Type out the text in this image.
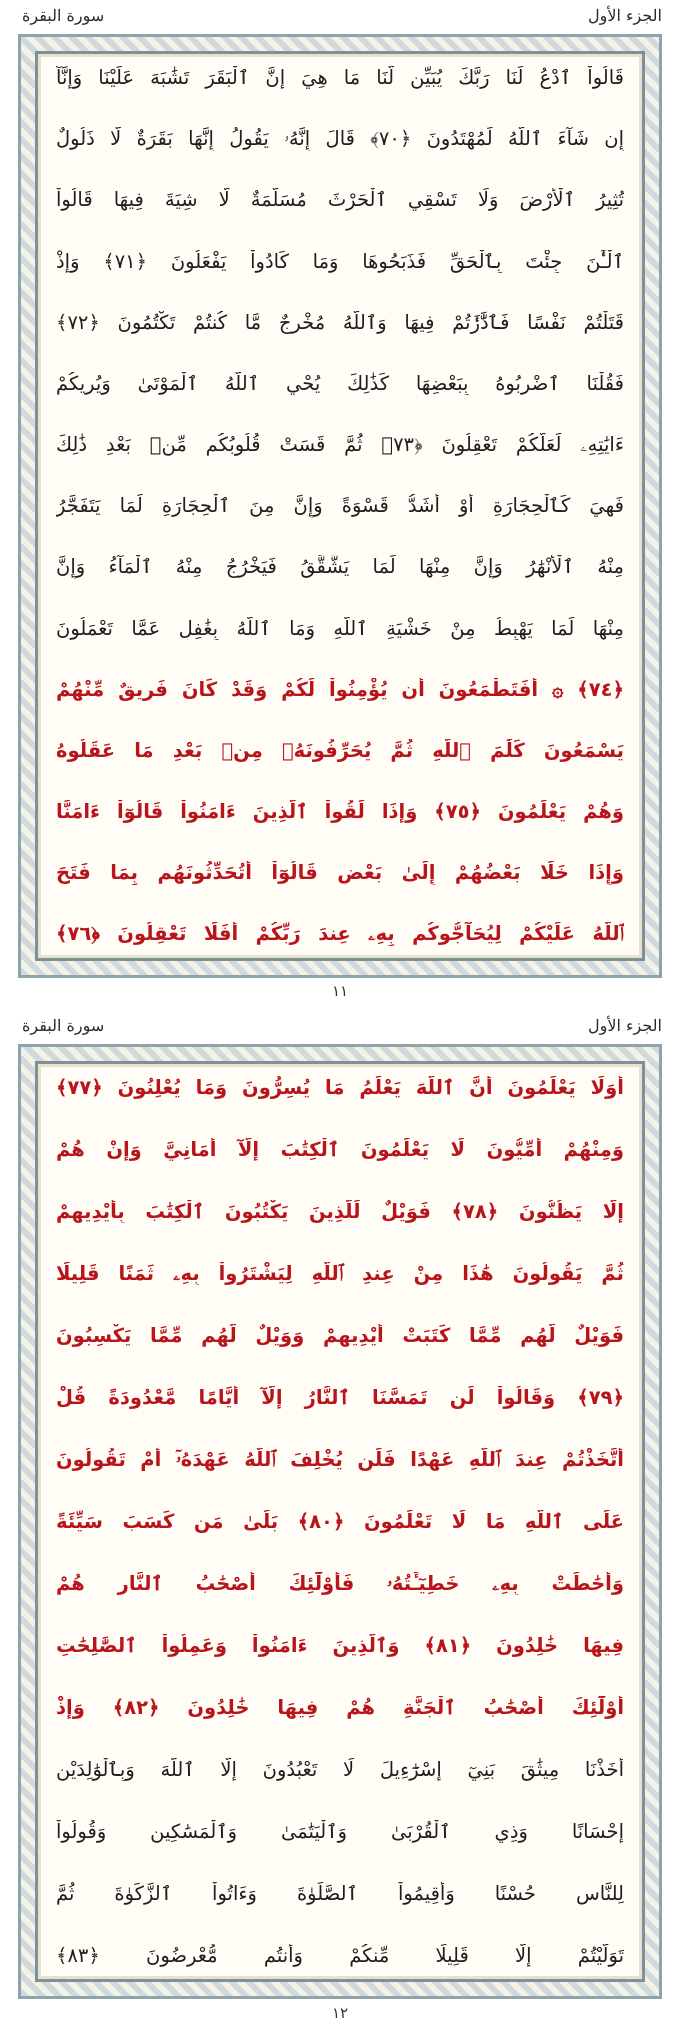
سورة البقرة	الجزء الأول
قَالُواْ ٱدْعُ لَنَا رَبَّكَ يُبَيِّن لَّنَا مَا هِيَ إِنَّ ٱلْبَقَرَ تَشَٰبَهَ عَلَيْنَا وَإِنَّآ
إِن شَآءَ ٱللَّهُ لَمُهْتَدُونَ ﴿٧٠﴾ قَالَ إِنَّهُۥ يَقُولُ إِنَّهَا بَقَرَةٌ لَّا ذَلُولٌ
تُثِيرُ ٱلْأَرْضَ وَلَا تَسْقِي ٱلْحَرْثَ مُسَلَّمَةٌ لَّا شِيَةَ فِيهَا قَالُواْ
ٱلْـَٰٔنَ جِئْتَ بِٱلْحَقِّ فَذَبَحُوهَا وَمَا كَادُواْ يَفْعَلُونَ ﴿٧١﴾ وَإِذْ
قَتَلْتُمْ نَفْسًا فَٱدَّٰرَٰٔتُمْ فِيهَا وَٱللَّهُ مُخْرِجٌ مَّا كُنتُمْ تَكْتُمُونَ ﴿٧٢﴾
فَقُلْنَا ٱضْرِبُوهُ بِبَعْضِهَا كَذَٰلِكَ يُحْيِ ٱللَّهُ ٱلْمَوْتَىٰ وَيُرِيكُمْ
ءَايَٰتِهِۦ لَعَلَّكُمْ تَعْقِلُونَ ﴿٧٣﴾ ثُمَّ قَسَتْ قُلُوبُكُم مِّنۢ بَعْدِ ذَٰلِكَ
فَهِيَ كَٱلْحِجَارَةِ أَوْ أَشَدُّ قَسْوَةً وَإِنَّ مِنَ ٱلْحِجَارَةِ لَمَا يَتَفَجَّرُ
مِنْهُ ٱلْأَنْهَٰرُ وَإِنَّ مِنْهَا لَمَا يَشَّقَّقُ فَيَخْرُجُ مِنْهُ ٱلْمَآءُ وَإِنَّ
مِنْهَا لَمَا يَهْبِطُ مِنْ خَشْيَةِ ٱللَّهِ وَمَا ٱللَّهُ بِغَٰفِلٍ عَمَّا تَعْمَلُونَ
﴿٧٤﴾ ۞ أَفَتَطْمَعُونَ أَن يُؤْمِنُواْ لَكُمْ وَقَدْ كَانَ فَرِيقٌ مِّنْهُمْ
يَسْمَعُونَ كَلَٰمَ ٱللَّهِ ثُمَّ يُحَرِّفُونَهُۥ مِنۢ بَعْدِ مَا عَقَلُوهُ
وَهُمْ يَعْلَمُونَ ﴿٧٥﴾ وَإِذَا لَقُواْ ٱلَّذِينَ ءَامَنُواْ قَالُوٓاْ ءَامَنَّا
وَإِذَا خَلَا بَعْضُهُمْ إِلَىٰ بَعْضٍ قَالُوٓاْ أَتُحَدِّثُونَهُم بِمَا فَتَحَ
ٱللَّهُ عَلَيْكُمْ لِيُحَآجُّوكُم بِهِۦ عِندَ رَبِّكُمْ أَفَلَا تَعْقِلُونَ ﴿٧٦﴾
١١
سورة البقرة	الجزء الأول
أَوَلَا يَعْلَمُونَ أَنَّ ٱللَّهَ يَعْلَمُ مَا يُسِرُّونَ وَمَا يُعْلِنُونَ ﴿٧٧﴾
وَمِنْهُمْ أُمِّيُّونَ لَا يَعْلَمُونَ ٱلْكِتَٰبَ إِلَّآ أَمَانِيَّ وَإِنْ هُمْ
إِلَّا يَظُنُّونَ ﴿٧٨﴾ فَوَيْلٌ لِّلَّذِينَ يَكْتُبُونَ ٱلْكِتَٰبَ بِأَيْدِيهِمْ
ثُمَّ يَقُولُونَ هَٰذَا مِنْ عِندِ ٱللَّهِ لِيَشْتَرُواْ بِهِۦ ثَمَنًا قَلِيلًا
فَوَيْلٌ لَّهُم مِّمَّا كَتَبَتْ أَيْدِيهِمْ وَوَيْلٌ لَّهُم مِّمَّا يَكْسِبُونَ
﴿٧٩﴾ وَقَالُواْ لَن تَمَسَّنَا ٱلنَّارُ إِلَّآ أَيَّامًا مَّعْدُودَةً قُلْ
أَتَّخَذْتُمْ عِندَ ٱللَّهِ عَهْدًا فَلَن يُخْلِفَ ٱللَّهُ عَهْدَهُۥٓ أَمْ تَقُولُونَ
عَلَى ٱللَّهِ مَا لَا تَعْلَمُونَ ﴿٨٠﴾ بَلَىٰ مَن كَسَبَ سَيِّئَةً
وَأَحَٰطَتْ بِهِۦ خَطِيٓـَٔتُهُۥ فَأُوْلَٰٓئِكَ أَصْحَٰبُ ٱلنَّارِ هُمْ
فِيهَا خَٰلِدُونَ ﴿٨١﴾ وَٱلَّذِينَ ءَامَنُواْ وَعَمِلُواْ ٱلصَّٰلِحَٰتِ
أُوْلَٰٓئِكَ أَصْحَٰبُ ٱلْجَنَّةِ هُمْ فِيهَا خَٰلِدُونَ ﴿٨٢﴾ وَإِذْ
أَخَذْنَا مِيثَٰقَ بَنِيٓ إِسْرَٰٓءِيلَ لَا تَعْبُدُونَ إِلَّا ٱللَّهَ وَبِٱلْوَٰلِدَيْنِ
إِحْسَانًا وَذِي ٱلْقُرْبَىٰ وَٱلْيَتَٰمَىٰ وَٱلْمَسَٰكِينِ وَقُولُواْ
لِلنَّاسِ حُسْنًا وَأَقِيمُواْ ٱلصَّلَوٰةَ وَءَاتُواْ ٱلزَّكَوٰةَ ثُمَّ
تَوَلَّيْتُمْ إِلَّا قَلِيلًا مِّنكُمْ وَأَنتُم مُّعْرِضُونَ ﴿٨٣﴾
١٢
